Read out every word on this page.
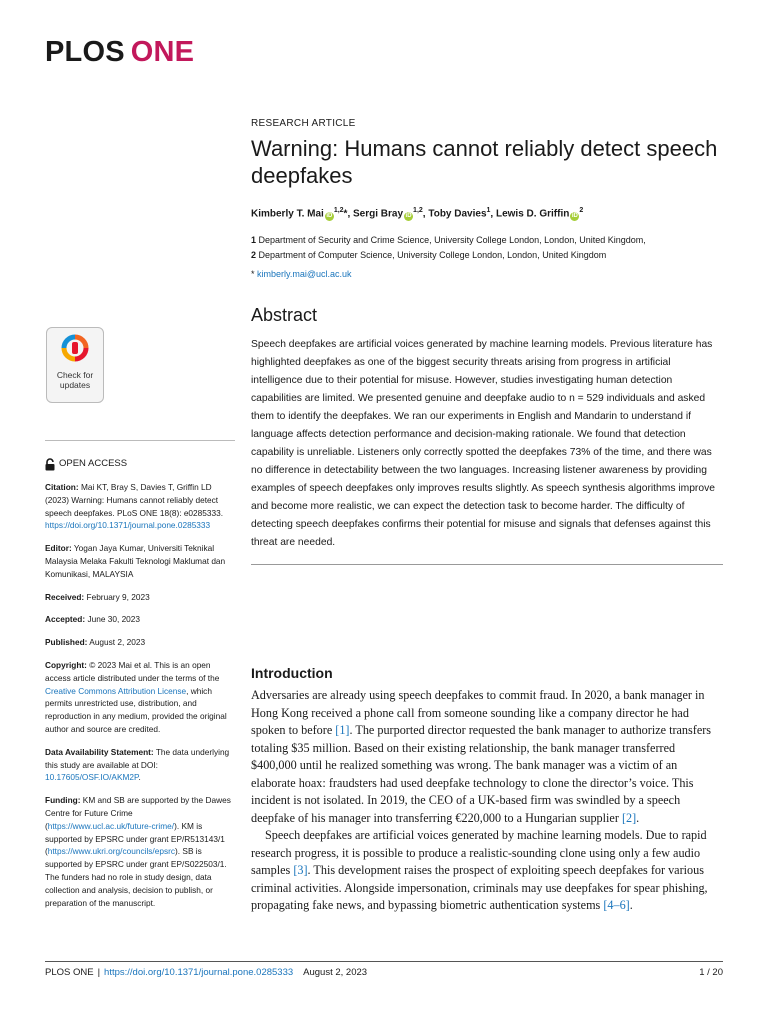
PLOS ONE
Check for
updates
OPEN ACCESS
Citation: Mai KT, Bray S, Davies T, Griffin LD (2023) Warning: Humans cannot reliably detect speech deepfakes. PLoS ONE 18(8): e0285333. https://doi.org/10.1371/journal.pone.0285333
Editor: Yogan Jaya Kumar, Universiti Teknikal Malaysia Melaka Fakulti Teknologi Maklumat dan Komunikasi, MALAYSIA
Received: February 9, 2023
Accepted: June 30, 2023
Published: August 2, 2023
Copyright: © 2023 Mai et al. This is an open access article distributed under the terms of the Creative Commons Attribution License, which permits unrestricted use, distribution, and reproduction in any medium, provided the original author and source are credited.
Data Availability Statement: The data underlying this study are available at DOI: 10.17605/OSF.IO/AKM2P.
Funding: KM and SB are supported by the Dawes Centre for Future Crime (https://www.ucl.ac.uk/future-crime/). KM is supported by EPSRC under grant EP/R513143/1 (https://www.ukri.org/councils/epsrc). SB is supported by EPSRC under grant EP/S022503/1. The funders had no role in study design, data collection and analysis, decision to publish, or preparation of the manuscript.
RESEARCH ARTICLE
Warning: Humans cannot reliably detect speech deepfakes
Kimberly T. Mai iD$^{1,2}$*, Sergi Bray iD$^{1,2}$, Toby Davies$^1$, Lewis D. Griffin $iD^2$
1 Department of Security and Crime Science, University College London, London, United Kingdom,
2 Department of Computer Science, University College London, London, United Kingdom
* kimberly.mai@ucl.ac.uk
Abstract
Speech deepfakes are artificial voices generated by machine learning models. Previous literature has highlighted deepfakes as one of the biggest security threats arising from progress in artificial intelligence due to their potential for misuse. However, studies investigating human detection capabilities are limited. We presented genuine and deepfake audio to n = 529 individuals and asked them to identify the deepfakes. We ran our experiments in English and Mandarin to understand if language affects detection performance and decision-making rationale. We found that detection capability is unreliable. Listeners only correctly spotted the deepfakes 73% of the time, and there was no difference in detectability between the two languages. Increasing listener awareness by providing examples of speech deepfakes only improves results slightly. As speech synthesis algorithms improve and become more realistic, we can expect the detection task to become harder. The difficulty of detecting speech deepfakes confirms their potential for misuse and signals that defenses against this threat are needed.
Introduction

Adversaries are already using speech deepfakes to commit fraud. In 2020, a bank manager in Hong Kong received a phone call from someone sounding like a company director he had spoken to before [1]. The purported director requested the bank manager to authorize transfers totaling $35 million. Based on their existing relationship, the bank manager transferred $400,000 until he realized something was wrong. The bank manager was a victim of an elaborate hoax: fraudsters had used deepfake technology to clone the director’s voice. This incident is not isolated. In 2019, the CEO of a UK-based firm was swindled by a speech deepfake of his manager into transferring €220,000 to a Hungarian supplier [2].

Speech deepfakes are artificial voices generated by machine learning models. Due to rapid research progress, it is possible to produce a realistic-sounding clone using only a few audio samples [3]. This development raises the prospect of exploiting speech deepfakes for various criminal activities. Alongside impersonation, criminals may use deepfakes for spear phishing, propagating fake news, and bypassing biometric authentication systems [4–6].

PLOS ONE | https://doi.org/10.1371/journal.pone.0285333 August 2, 2023	1 / 20
